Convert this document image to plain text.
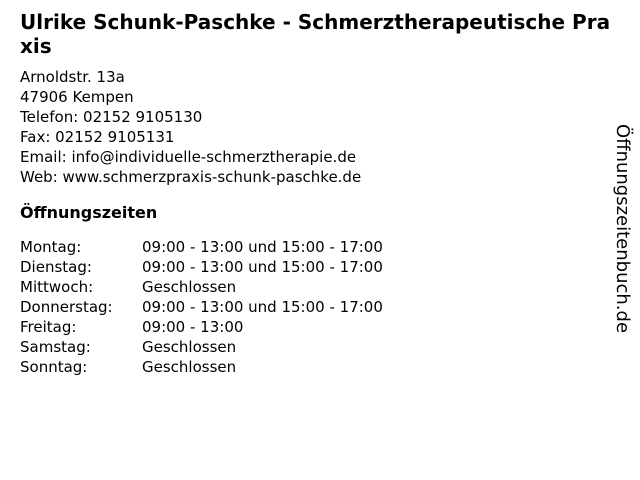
Ulrike Schunk-Paschke - Schmerztherapeutische Praxis
Arnoldstr. 13a
47906 Kempen
Telefon: 02152 9105130
Fax: 02152 9105131
Email: info@individuelle-schmerztherapie.de
Web: www.schmerzpraxis-schunk-paschke.de
Öffnungszeiten
Montag:	09:00 - 13:00 und 15:00 - 17:00
Dienstag:	09:00 - 13:00 und 15:00 - 17:00
Mittwoch:	Geschlossen
Donnerstag:	09:00 - 13:00 und 15:00 - 17:00
Freitag:	09:00 - 13:00
Samstag:	Geschlossen
Sonntag:	Geschlossen
Öffnungszeitenbuch.de
